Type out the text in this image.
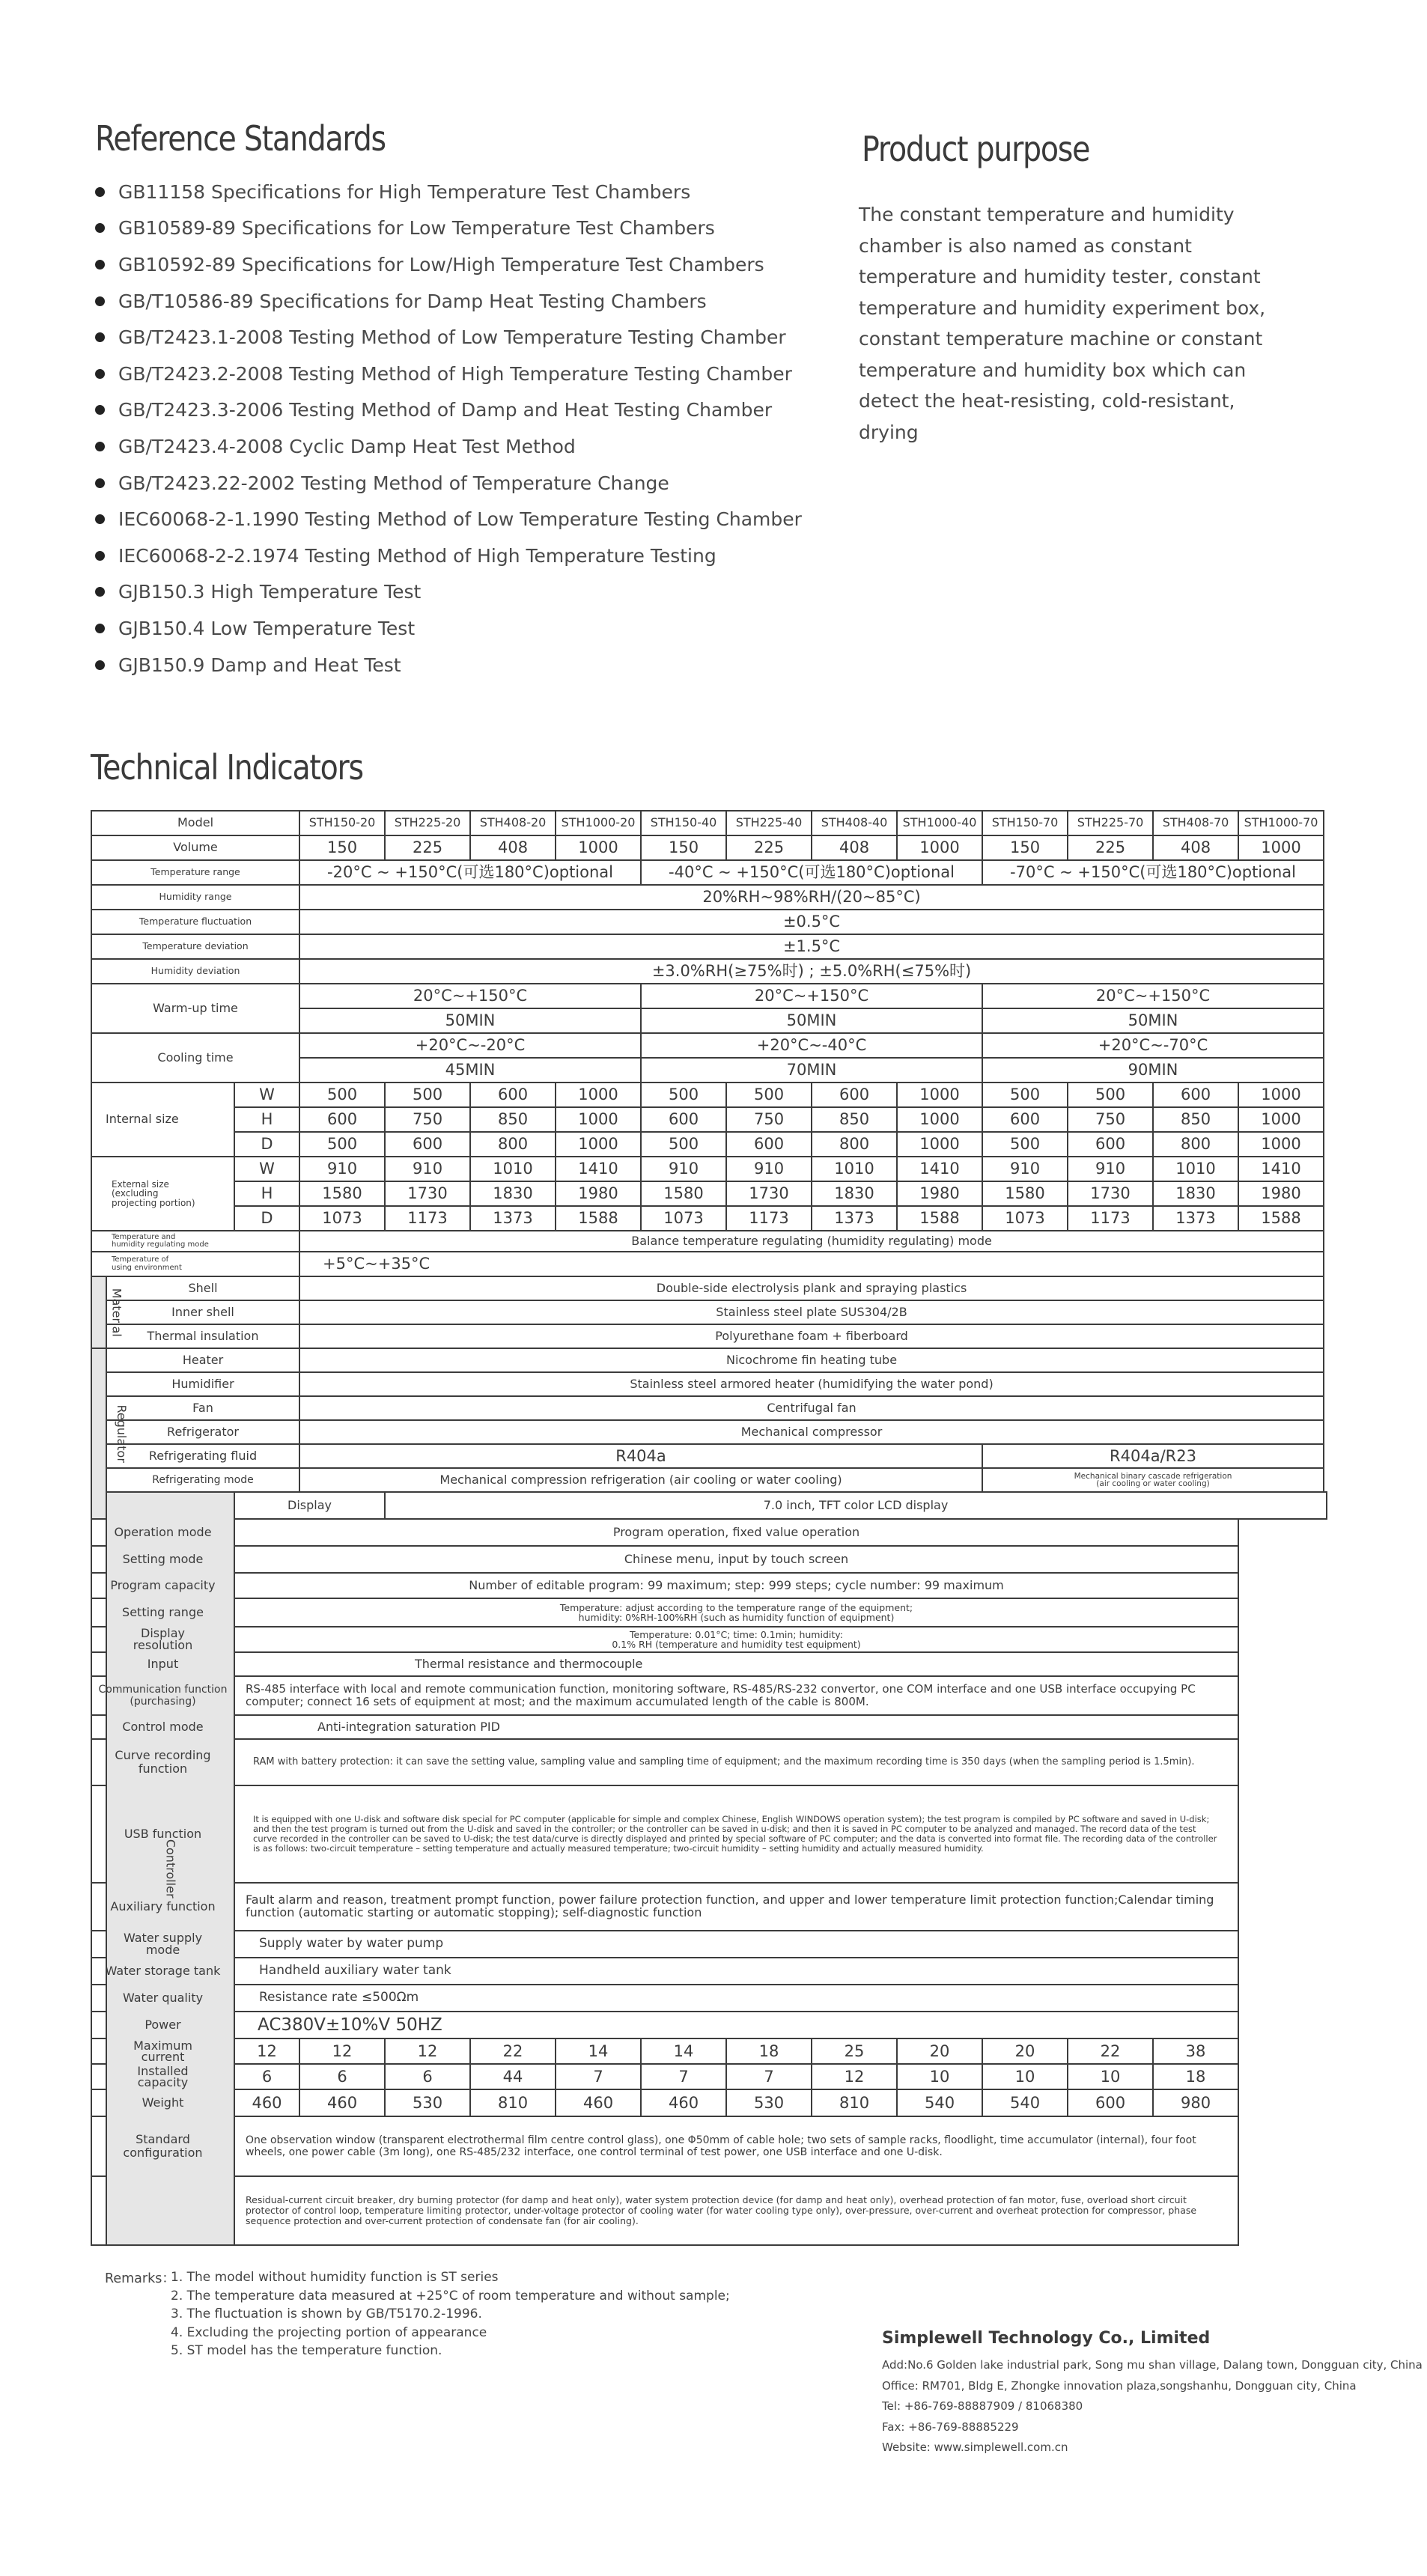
Reference Standards
GB11158 Specifications for High Temperature Test Chambers
GB10589-89 Specifications for Low Temperature Test Chambers
GB10592-89 Specifications for Low/High Temperature Test Chambers
GB/T10586-89 Specifications for Damp Heat Testing Chambers
GB/T2423.1-2008 Testing Method of Low Temperature Testing Chamber
GB/T2423.2-2008 Testing Method of High Temperature Testing Chamber
GB/T2423.3-2006 Testing Method of Damp and Heat Testing Chamber
GB/T2423.4-2008 Cyclic Damp Heat Test Method
GB/T2423.22-2002 Testing Method of Temperature Change
IEC60068-2-1.1990 Testing Method of Low Temperature Testing Chamber
IEC60068-2-2.1974 Testing Method of High Temperature Testing
GJB150.3 High Temperature Test
GJB150.4 Low Temperature Test
GJB150.9 Damp and Heat Test
Product purpose

The constant temperature and humidity chamber is also named as constant temperature and humidity tester, constant temperature and humidity experiment box, constant temperature machine or constant temperature and humidity box which can detect the heat-resisting, cold-resistant, drying

Technical Indicators
Model			STH150-20	STH225-20	STH408-20	STH1000-20	STH150-40	STH225-40	STH408-40	STH1000-40	STH150-70	STH225-70	STH408-70	STH1000-70
Volume			150	225	408	1000	150	225	408	1000	150	225	408	1000
Temperature range			-20°C ~ +150°C(可选180°C)optional				-40°C ~ +150°C(可选180°C)optional				-70°C ~ +150°C(可选180°C)optional			
Humidity range			20%RH~98%RH/(20~85°C)											
Temperature fluctuation			±0.5°C											
Temperature deviation			±1.5°C											
Humidity deviation			±3.0%RH(≥75%时) ; ±5.0%RH(≤75%时)											
Warm-up time			20°C~+150°C				20°C~+150°C				20°C~+150°C			
			50MIN				50MIN				50MIN			
Cooling time			+20°C~-20°C				+20°C~-40°C				+20°C~-70°C			
			45MIN				70MIN				90MIN			
Internal size		W	500	500	600	1000	500	500	600	1000	500	500	600	1000
		H	600	750	850	1000	600	750	850	1000	600	750	850	1000
		D	500	600	800	1000	500	600	800	1000	500	600	800	1000
External size
(excluding
projecting portion)		W	910	910	1010	1410	910	910	1010	1410	910	910	1010	1410
		H	1580	1730	1830	1980	1580	1730	1830	1980	1580	1730	1830	1980
		D	1073	1173	1373	1588	1073	1173	1373	1588	1073	1173	1373	1588
Temperature and
humidity regulating mode			Balance temperature regulating (humidity regulating) mode											
Temperature of
using environment			+5°C~+35°C											
Material	Shell		Double-side electrolysis plank and spraying plastics											
	Inner shell		Stainless steel plate SUS304/2B											
	Thermal insulation		Polyurethane foam + fiberboard											
Regulator	Heater		Nicochrome fin heating tube											
	Humidifier		Stainless steel armored heater (humidifying the water pond)											
	Fan		Centrifugal fan											
	Refrigerator		Mechanical compressor											
	Refrigerating fluid		R404a								R404a/R23			
	Refrigerating mode		Mechanical compression refrigeration (air cooling or water cooling)								Mechanical binary cascade refrigeration
(air cooling or water cooling)			
	Controller	Display		7.0 inch, TFT color LCD display										
Operation mode		Program operation, fixed value operation												
Setting mode		Chinese menu, input by touch screen												
Program capacity		Number of editable program: 99 maximum; step: 999 steps; cycle number: 99 maximum												
Setting range		Temperature: adjust according to the temperature range of the equipment;
humidity: 0%RH-100%RH (such as humidity function of equipment)												
Display
resolution		Temperature: 0.01°C; time: 0.1min; humidity:
0.1% RH (temperature and humidity test equipment)												
Input		Thermal resistance and thermocouple												
Communication function
(purchasing)		RS-485 interface with local and remote communication function, monitoring software, RS-485/RS-232 convertor, one COM interface and one USB interface occupying PC computer; connect 16 sets of equipment at most; and the maximum accumulated length of the cable is 800M.												
Control mode		Anti-integration saturation PID												
Curve recording function		RAM with battery protection: it can save the setting value, sampling value and sampling time of equipment; and the maximum recording time is 350 days (when the sampling period is 1.5min).												
USB function		It is equipped with one U-disk and software disk special for PC computer (applicable for simple and complex Chinese, English WINDOWS operation system); the test program is compiled by PC software and saved in U-disk; and then the test program is turned out from the U-disk and saved in the controller; or the controller can be saved in u-disk; and then it is saved in PC computer to be analyzed and managed. The record data of the test curve recorded in the controller can be saved to U-disk; the test data/curve is directly displayed and printed by special software of PC computer; and the data is converted into format file. The recording data of the controller is as follows: two-circuit temperature – setting temperature and actually measured temperature; two-circuit humidity – setting humidity and actually measured humidity.												
Auxiliary function		Fault alarm and reason, treatment prompt function, power failure protection function, and upper and lower temperature limit protection function;Calendar timing function (automatic starting or automatic stopping); self-diagnostic function												
Water supply
mode		Supply water by water pump												
Water storage tank		Handheld auxiliary water tank												
Water quality		Resistance rate ≤500Ωm												
Power		AC380V±10%V 50HZ												
Maximum
current		12	12	12	22	14	14	18	25	20	20	22	38	
Installed
capacity		6	6	6	44	7	7	7	12	10	10	10	18	
Weight		460	460	530	810	460	460	530	810	540	540	600	980	
Standard configuration		One observation window (transparent electrothermal film centre control glass), one Φ50mm of cable hole; two sets of sample racks, floodlight, time accumulator (internal), four foot wheels, one power cable (3m long), one RS-485/232 interface, one control terminal of test power, one USB interface and one U-disk.												
		Residual-current circuit breaker, dry burning protector (for damp and heat only), water system protection device (for damp and heat only), overhead protection of fan motor, fuse, overload short circuit protector of control loop, temperature limiting protector, under-voltage protector of cooling water (for water cooling type only), over-pressure, over-current and overheat protection for compressor, phase sequence protection and over-current protection of condensate fan (for air cooling).												
Remarks：
1. The model without humidity function is ST series
2. The temperature data measured at +25°C of room temperature and without sample;
3. The fluctuation is shown by GB/T5170.2-1996.
4. Excluding the projecting portion of appearance
5. ST model has the temperature function.
Simplewell Technology Co., Limited
Add:No.6 Golden lake industrial park, Song mu shan village, Dalang town, Dongguan city, China
Office: RM701, Bldg E, Zhongke innovation plaza,songshanhu, Dongguan city, China
Tel: +86-769-88887909 / 81068380
Fax: +86-769-88885229
Website: www.simplewell.com.cn
